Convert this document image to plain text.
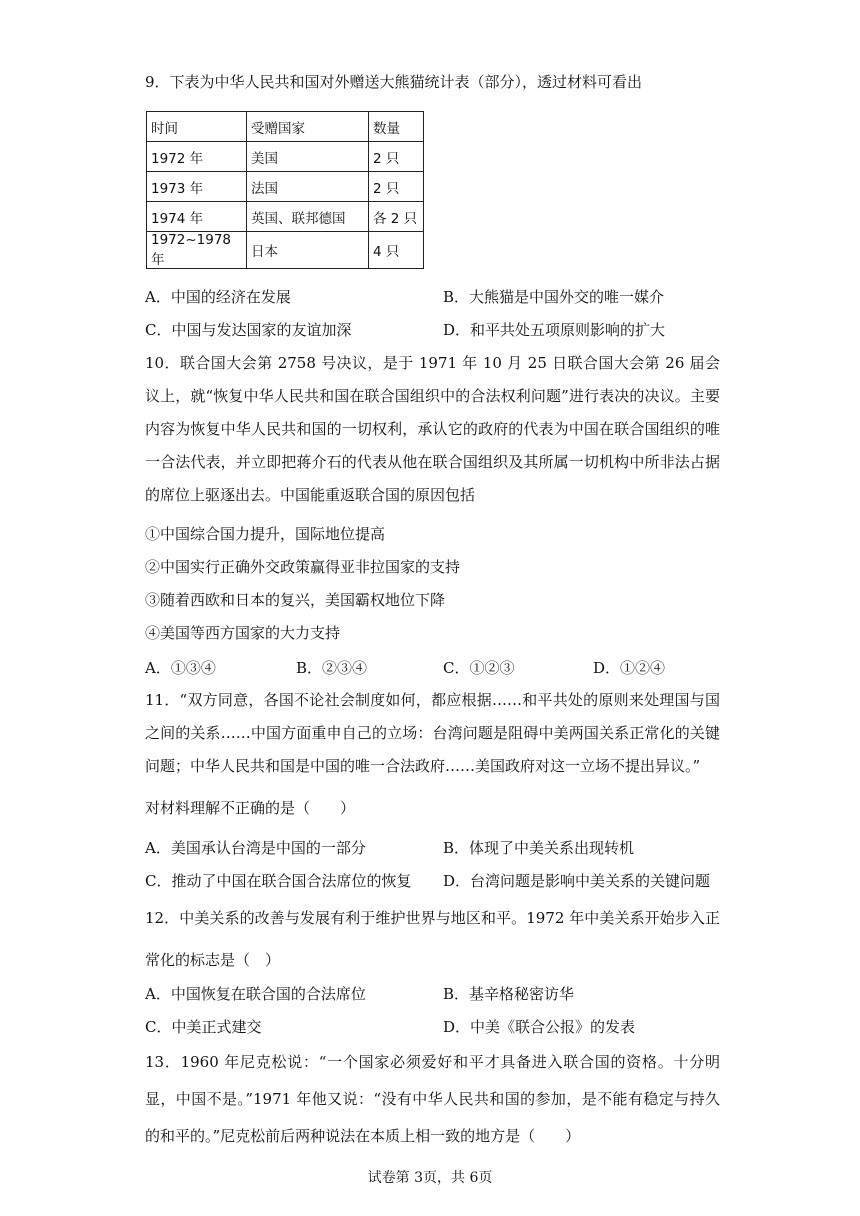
9．下表为中华人民共和国对外赠送大熊猫统计表（部分），透过材料可看出
时间	受赠国家	数量
1972 年	美国	2 只
1973 年	法国	2 只
1974 年	英国、联邦德国	各 2 只
1972~1978 年	日本	4 只
A．中国的经济在发展	B．大熊猫是中国外交的唯一媒介
C．中国与发达国家的友谊加深	D．和平共处五项原则影响的扩大
10．联合国大会第 2758 号决议，是于 1971 年 10 月 25 日联合国大会第 26 届会议上，就“恢复中华人民共和国在联合国组织中的合法权利问题”进行表决的决议。主要内容为恢复中华人民共和国的一切权利，承认它的政府的代表为中国在联合国组织的唯一合法代表，并立即把蒋介石的代表从他在联合国组织及其所属一切机构中所非法占据的席位上驱逐出去。中国能重返联合国的原因包括
①中国综合国力提升，国际地位提高
②中国实行正确外交政策赢得亚非拉国家的支持
③随着西欧和日本的复兴，美国霸权地位下降
④美国等西方国家的大力支持
A．①③④	B．②③④	C．①②③	D．①②④
11．“双方同意，各国不论社会制度如何，都应根据……和平共处的原则来处理国与国之间的关系……中国方面重申自己的立场：台湾问题是阻碍中美两国关系正常化的关键问题；中华人民共和国是中国的唯一合法政府……美国政府对这一立场不提出异议。”
对材料理解不正确的是（　　）
A．美国承认台湾是中国的一部分	B．体现了中美关系出现转机
C．推动了中国在联合国合法席位的恢复 D．台湾问题是影响中美关系的关键问题
12．中美关系的改善与发展有利于维护世界与地区和平。1972 年中美关系开始步入正常化的标志是（　）
A．中国恢复在联合国的合法席位	B．基辛格秘密访华
C．中美正式建交	D．中美《联合公报》的发表
13．1960 年尼克松说：“一个国家必须爱好和平才具备进入联合国的资格。十分明显，中国不是。”1971 年他又说：“没有中华人民共和国的参加，是不能有稳定与持久的和平的。”尼克松前后两种说法在本质上相一致的地方是（　　）
试卷第 3页，共 6页
